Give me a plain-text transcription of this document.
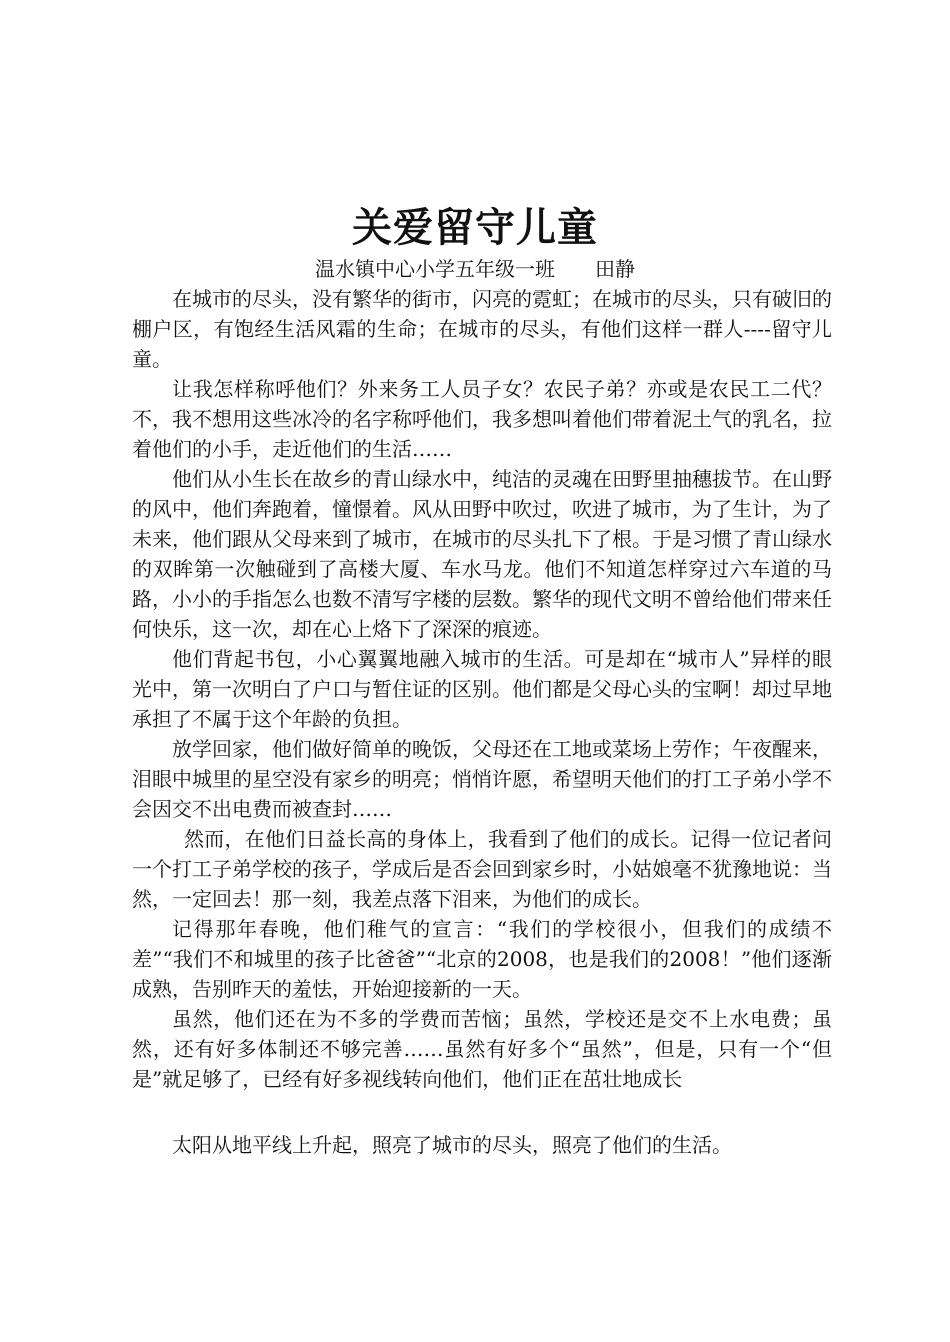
关爱留守儿童
温水镇中心小学五年级一班 田静

在城市的尽头，没有繁华的街市，闪亮的霓虹；在城市的尽头，只有破旧的棚户区，有饱经生活风霜的生命；在城市的尽头，有他们这样一群人----留守儿童。

让我怎样称呼他们？外来务工人员子女？农民子弟？亦或是农民工二代？不，我不想用这些冰冷的名字称呼他们，我多想叫着他们带着泥土气的乳名，拉着他们的小手，走近他们的生活……

他们从小生长在故乡的青山绿水中，纯洁的灵魂在田野里抽穗拔节。在山野的风中，他们奔跑着，憧憬着。风从田野中吹过，吹进了城市，为了生计，为了未来，他们跟从父母来到了城市，在城市的尽头扎下了根。于是习惯了青山绿水的双眸第一次触碰到了高楼大厦、车水马龙。他们不知道怎样穿过六车道的马路，小小的手指怎么也数不清写字楼的层数。繁华的现代文明不曾给他们带来任何快乐，这一次，却在心上烙下了深深的痕迹。

他们背起书包，小心翼翼地融入城市的生活。可是却在“城市人”异样的眼光中，第一次明白了户口与暂住证的区别。他们都是父母心头的宝啊！却过早地承担了不属于这个年龄的负担。

放学回家，他们做好简单的晚饭，父母还在工地或菜场上劳作；午夜醒来，泪眼中城里的星空没有家乡的明亮；悄悄许愿，希望明天他们的打工子弟小学不会因交不出电费而被查封……

然而，在他们日益长高的身体上，我看到了他们的成长。记得一位记者问一个打工子弟学校的孩子，学成后是否会回到家乡时，小姑娘毫不犹豫地说：当然，一定回去！那一刻，我差点落下泪来，为他们的成长。

记得那年春晚，他们稚气的宣言：“我们的学校很小，但我们的成绩不差”“我们不和城里的孩子比爸爸”“北京的2008，也是我们的2008！”他们逐渐成熟，告别昨天的羞怯，开始迎接新的一天。

虽然，他们还在为不多的学费而苦恼；虽然，学校还是交不上水电费；虽然，还有好多体制还不够完善……虽然有好多个“虽然”，但是，只有一个“但是”就足够了，已经有好多视线转向他们，他们正在茁壮地成长

太阳从地平线上升起，照亮了城市的尽头，照亮了他们的生活。
